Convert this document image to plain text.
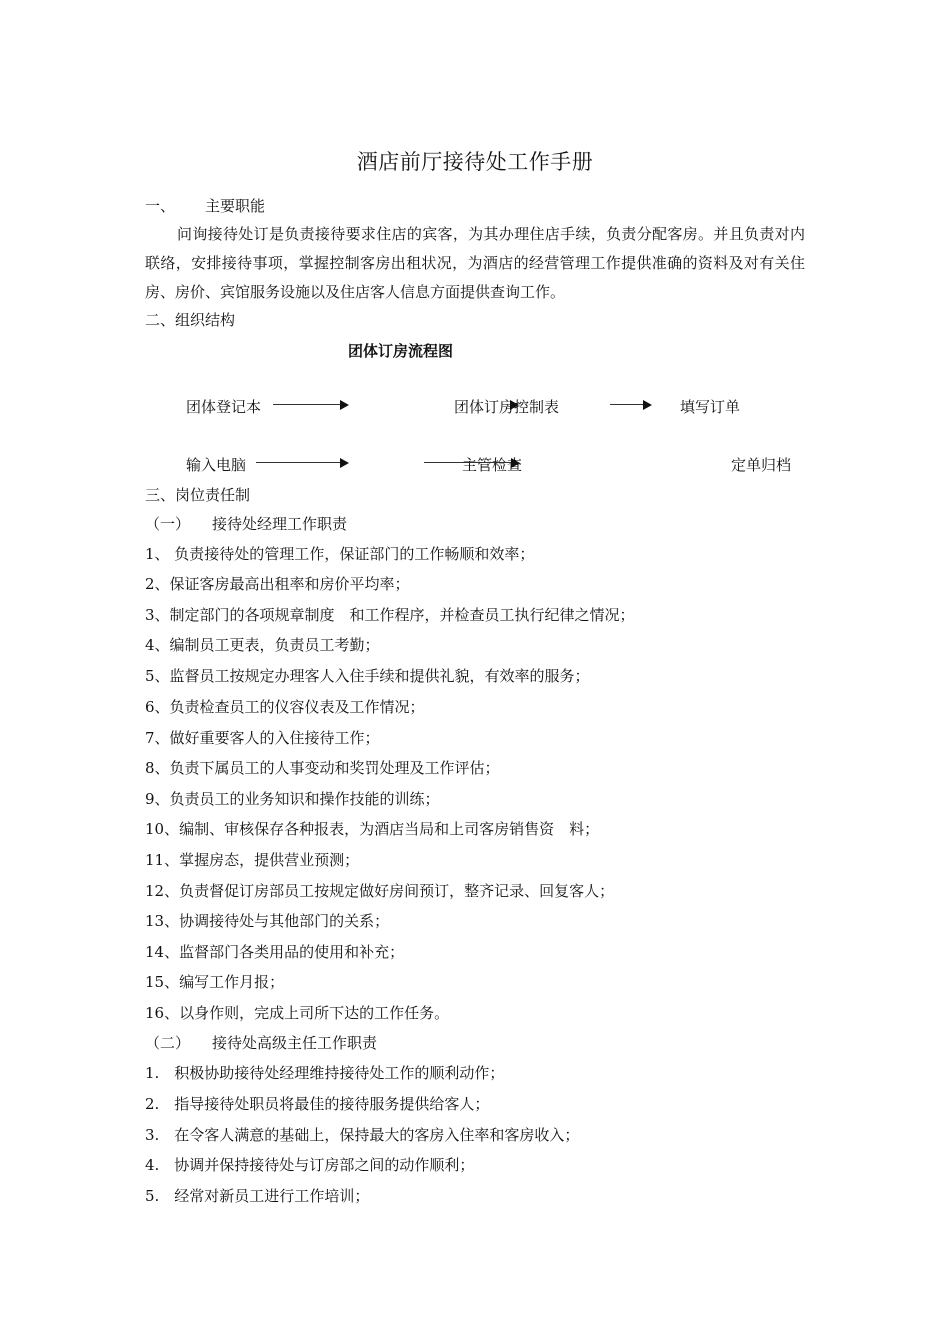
酒店前厅接待处工作手册
一、 主要职能
问询接待处订是负责接待要求住店的宾客，为其办理住店手续，负责分配客房。并且负责对内联络，安排接待事项，掌握控制客房出租状况，为酒店的经营管理工作提供准确的资料及对有关住房、房价、宾馆服务设施以及住店客人信息方面提供查询工作。
二、组织结构
团体订房流程图
团体登记本	团体订房控制表	填写订单
输入电脑	主管检查	定单归档
三、岗位责任制
（一） 接待处经理工作职责
1、 负责接待处的管理工作，保证部门的工作畅顺和效率；
2、保证客房最高出租率和房价平均率；
3、制定部门的各项规章制度　和工作程序，并检查员工执行纪律之情况；
4、编制员工更表，负责员工考勤；
5、监督员工按规定办理客人入住手续和提供礼貌，有效率的服务；
6、负责检查员工的仪容仪表及工作情况；
7、做好重要客人的入住接待工作；
8、负责下属员工的人事变动和奖罚处理及工作评估；
9、负责员工的业务知识和操作技能的训练；
10、编制、审核保存各种报表，为酒店当局和上司客房销售资　料；
11、掌握房态，提供营业预测；
12、负责督促订房部员工按规定做好房间预订，整齐记录、回复客人；
13、协调接待处与其他部门的关系；
14、监督部门各类用品的使用和补充；
15、编写工作月报；
16、以身作则，完成上司所下达的工作任务。
（二） 接待处高级主任工作职责
1.　积极协助接待处经理维持接待处工作的顺利动作；
2.　指导接待处职员将最佳的接待服务提供给客人；
3.　在令客人满意的基础上，保持最大的客房入住率和客房收入；
4.　协调并保持接待处与订房部之间的动作顺利；
5.　经常对新员工进行工作培训；
